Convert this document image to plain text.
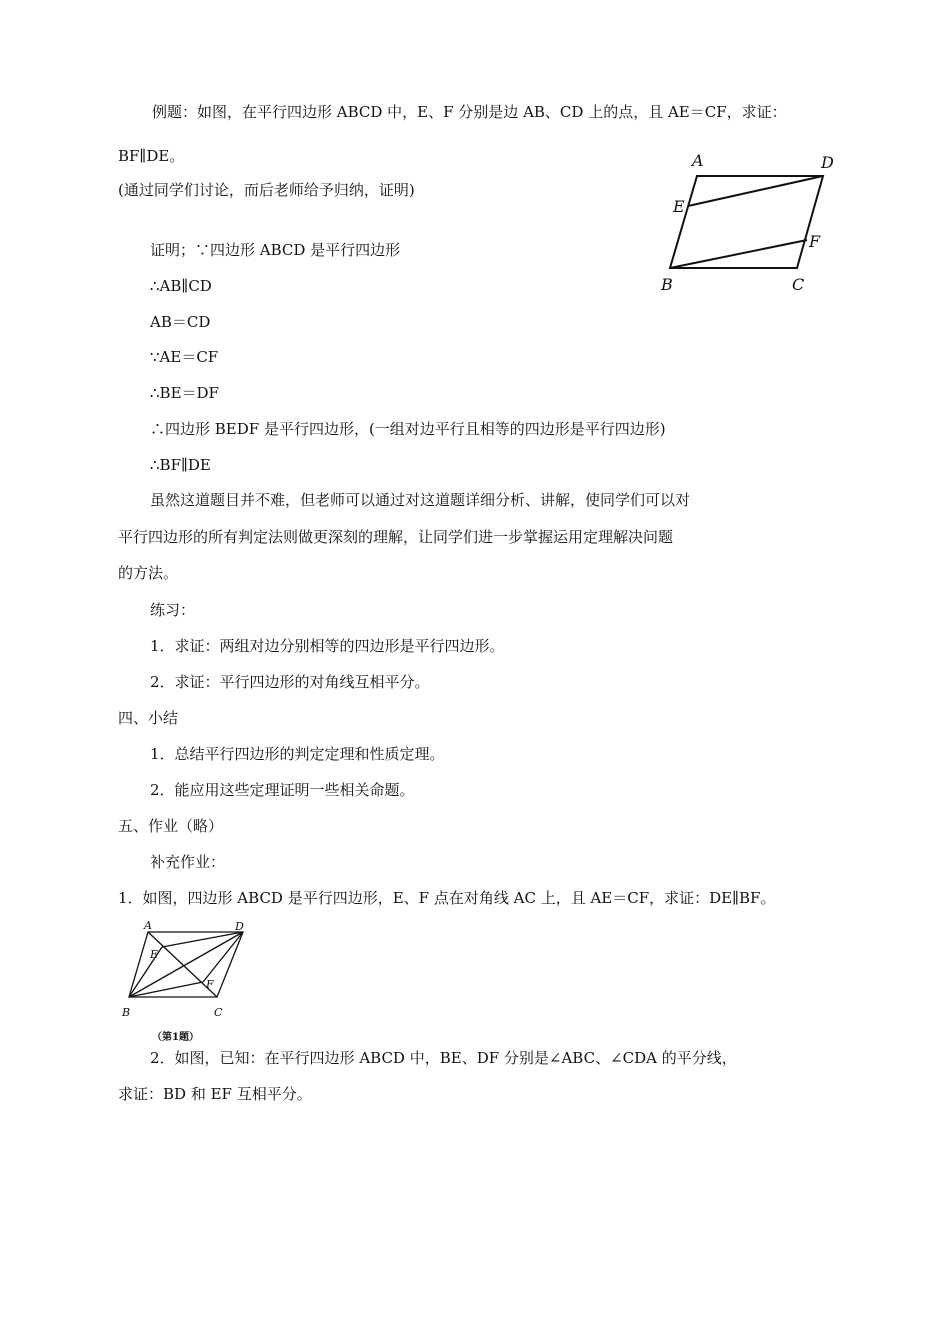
例题：如图，在平行四边形 ABCD 中，E、F 分别是边 AB、CD 上的点，且 AE＝CF，求证：
BF∥DE。
(通过同学们讨论，而后老师给予归纳，证明)
A	D
E
F
B	C
证明；∵四边形 ABCD 是平行四边形
∴AB∥CD
AB＝CD
∵AE＝CF
∴BE＝DF
∴四边形 BEDF 是平行四边形，(一组对边平行且相等的四边形是平行四边形)
∴BF∥DE
虽然这道题目并不难，但老师可以通过对这道题详细分析、讲解，使同学们可以对
平行四边形的所有判定法则做更深刻的理解，让同学们进一步掌握运用定理解决问题
的方法。
练习：
1．求证：两组对边分别相等的四边形是平行四边形。
2．求证：平行四边形的对角线互相平分。
四、小结
1．总结平行四边形的判定定理和性质定理。
2．能应用这些定理证明一些相关命题。
五、作业（略）
补充作业：
1．如图，四边形 ABCD 是平行四边形，E、F 点在对角线 AC 上，且 AE＝CF，求证：DE∥BF。
A	D
E
F
B	C
（第1题）
2．如图，已知：在平行四边形 ABCD 中，BE、DF 分别是∠ABC、∠CDA 的平分线，
求证：BD 和 EF 互相平分。
